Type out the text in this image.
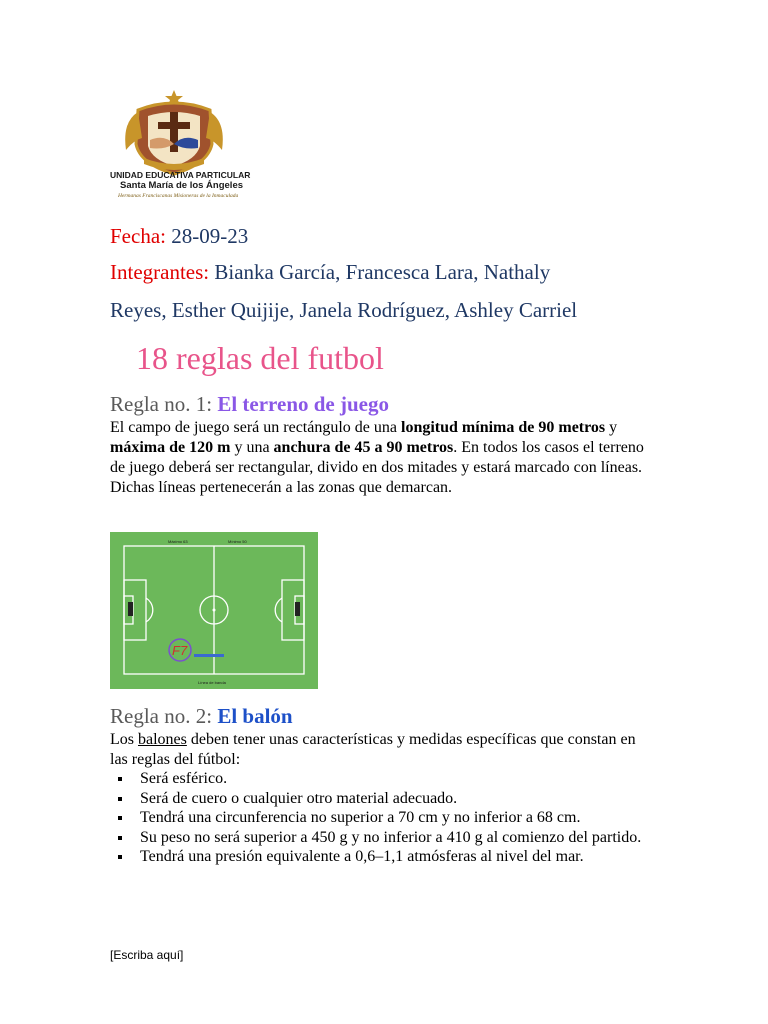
UNIDAD EDUCATIVA PARTICULAR
Santa María de los Ángeles
Hermanas Franciscanas Misioneras de la Inmaculada
Fecha: 28-09-23
Integrantes: Bianka García, Francesca Lara, Nathaly
Reyes, Esther Quijije, Janela Rodríguez, Ashley Carriel
18 reglas del futbol
Regla no. 1: El terreno de juego
El campo de juego será un rectángulo de una longitud mínima de 90 metros y máxima de 120 m y una anchura de 45 a 90 metros. En todos los casos el terreno de juego deberá ser rectangular, divido en dos mitades y estará marcado con líneas. Dichas líneas pertenecerán a las zonas que demarcan.
F7
Máximo 63	Mínimo 50
Línea de banda
Regla no. 2: El balón
Los balones deben tener unas características y medidas específicas que constan en las reglas del fútbol:
Será esférico.
Será de cuero o cualquier otro material adecuado.
Tendrá una circunferencia no superior a 70 cm y no inferior a 68 cm.
Su peso no será superior a 450 g y no inferior a 410 g al comienzo del partido.
Tendrá una presión equivalente a 0,6–1,1 atmósferas al nivel del mar.
[Escriba aquí]
